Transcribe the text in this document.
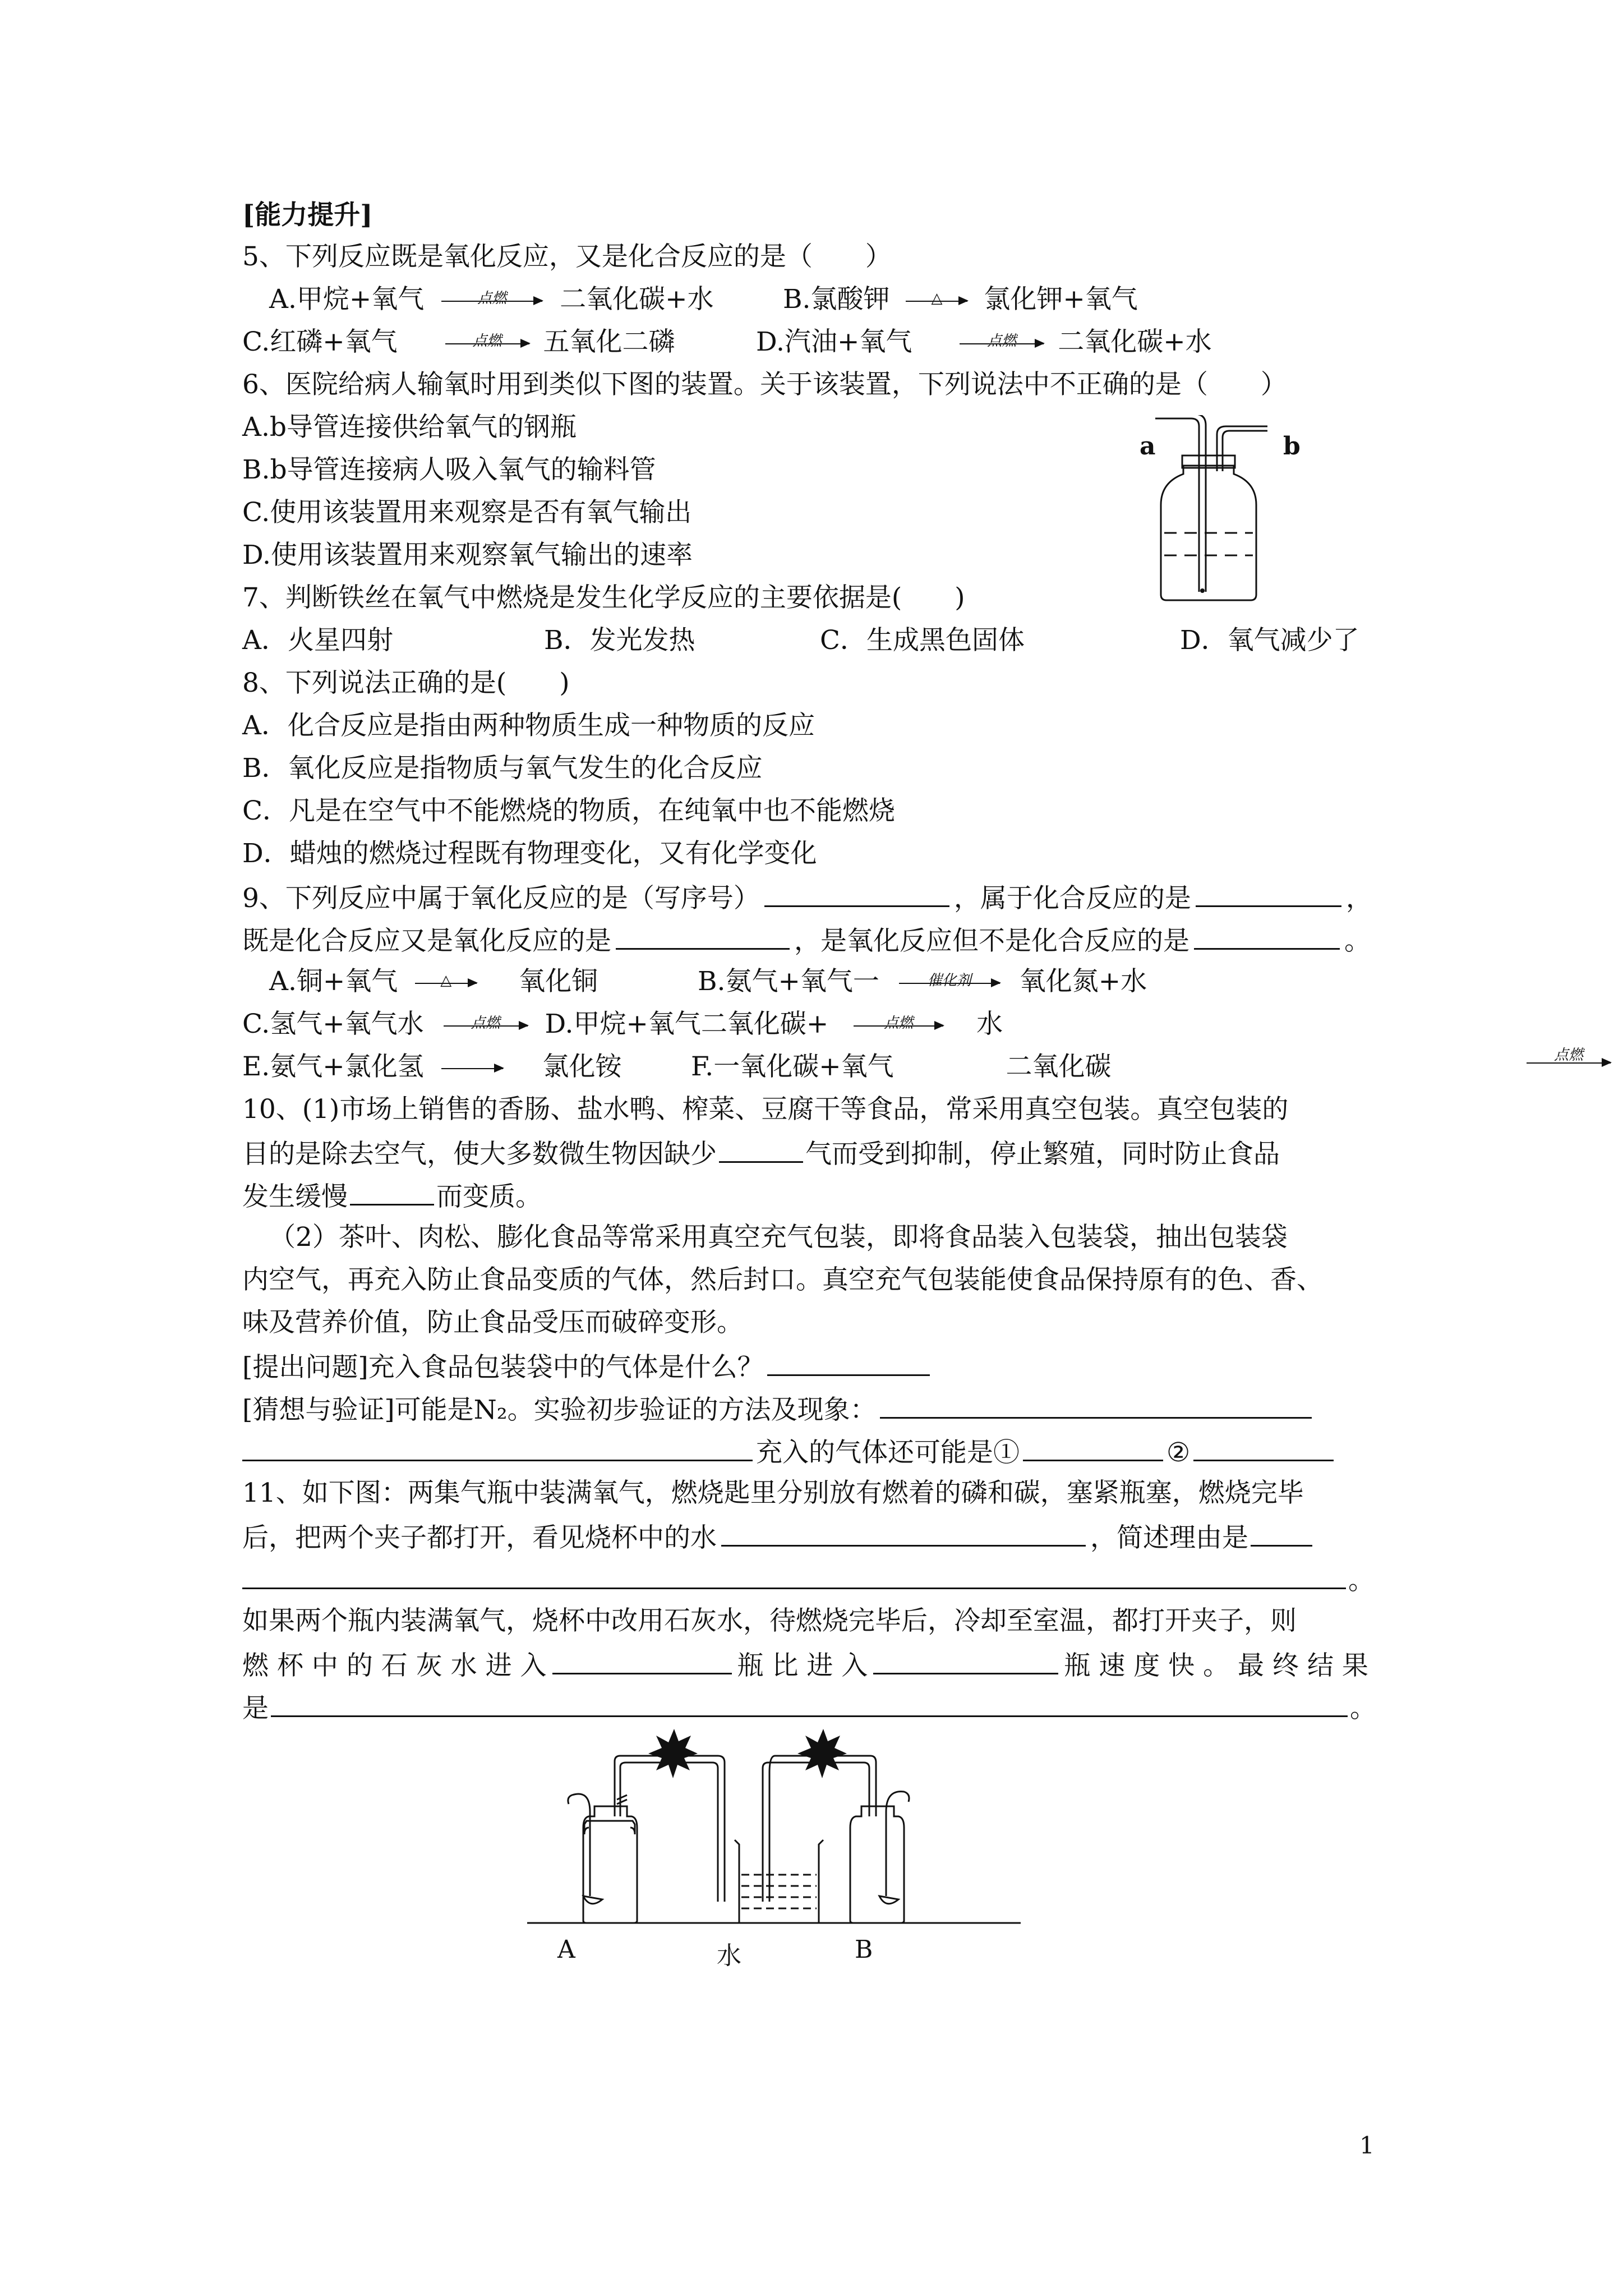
[能力提升]
5、下列反应既是氧化反应，又是化合反应的是（　　）
A.甲烷+氧气	点燃	二氧化碳+水	B.氯酸钾	△	氯化钾+氧气
C.红磷+氧气	点燃	五氧化二磷	D.汽油+氧气	点燃	二氧化碳+水
6、医院给病人输氧时用到类似下图的装置。关于该装置，下列说法中不正确的是（　　）
A.b导管连接供给氧气的钢瓶
B.b导管连接病人吸入氧气的输料管
C.使用该装置用来观察是否有氧气输出
D.使用该装置用来观察氧气输出的速率
a	b
7、判断铁丝在氧气中燃烧是发生化学反应的主要依据是(　　)
A．火星四射	B．发光发热	C．生成黑色固体	D．氧气减少了
8、下列说法正确的是(　　)
A．化合反应是指由两种物质生成一种物质的反应
B．氧化反应是指物质与氧气发生的化合反应
C．凡是在空气中不能燃烧的物质，在纯氧中也不能燃烧
D．蜡烛的燃烧过程既有物理变化，又有化学变化
9、下列反应中属于氧化反应的是（写序号）	，属于化合反应的是	，
既是化合反应又是氧化反应的是	，是氧化反应但不是化合反应的是	。
A.铜+氧气	△	氧化铜	B.氨气+氧气一	催化剂	氧化氮+水
C.氢气+氧气水	点燃	D.甲烷+氧气二氧化碳+	点燃	水
E.氨气+氯化氢	氯化铵	F.一氧化碳+氧气	二氧化碳	点燃
10、(1)市场上销售的香肠、盐水鸭、榨菜、豆腐干等食品，常采用真空包装。真空包装的
目的是除去空气，使大多数微生物因缺少	气而受到抑制，停止繁殖，同时防止食品
发生缓慢	而变质。
（2）茶叶、肉松、膨化食品等常采用真空充气包装，即将食品装入包装袋，抽出包装袋
内空气，再充入防止食品变质的气体，然后封口。真空充气包装能使食品保持原有的色、香、
味及营养价值，防止食品受压而破碎变形。
[提出问题]充入食品包装袋中的气体是什么？
[猜想与验证]可能是N₂。实验初步验证的方法及现象：
充入的气体还可能是①	②
11、如下图：两集气瓶中装满氧气，燃烧匙里分别放有燃着的磷和碳，塞紧瓶塞，燃烧完毕
后，把两个夹子都打开，看见烧杯中的水	，简述理由是
。
如果两个瓶内装满氧气，烧杯中改用石灰水，待燃烧完毕后，冷却至室温，都打开夹子，则
燃 杯 中 的 石 灰 水 进 入	瓶 比 进 入	瓶 速 度 快 。 最 终 结 果
是	。
A	水	B
1
